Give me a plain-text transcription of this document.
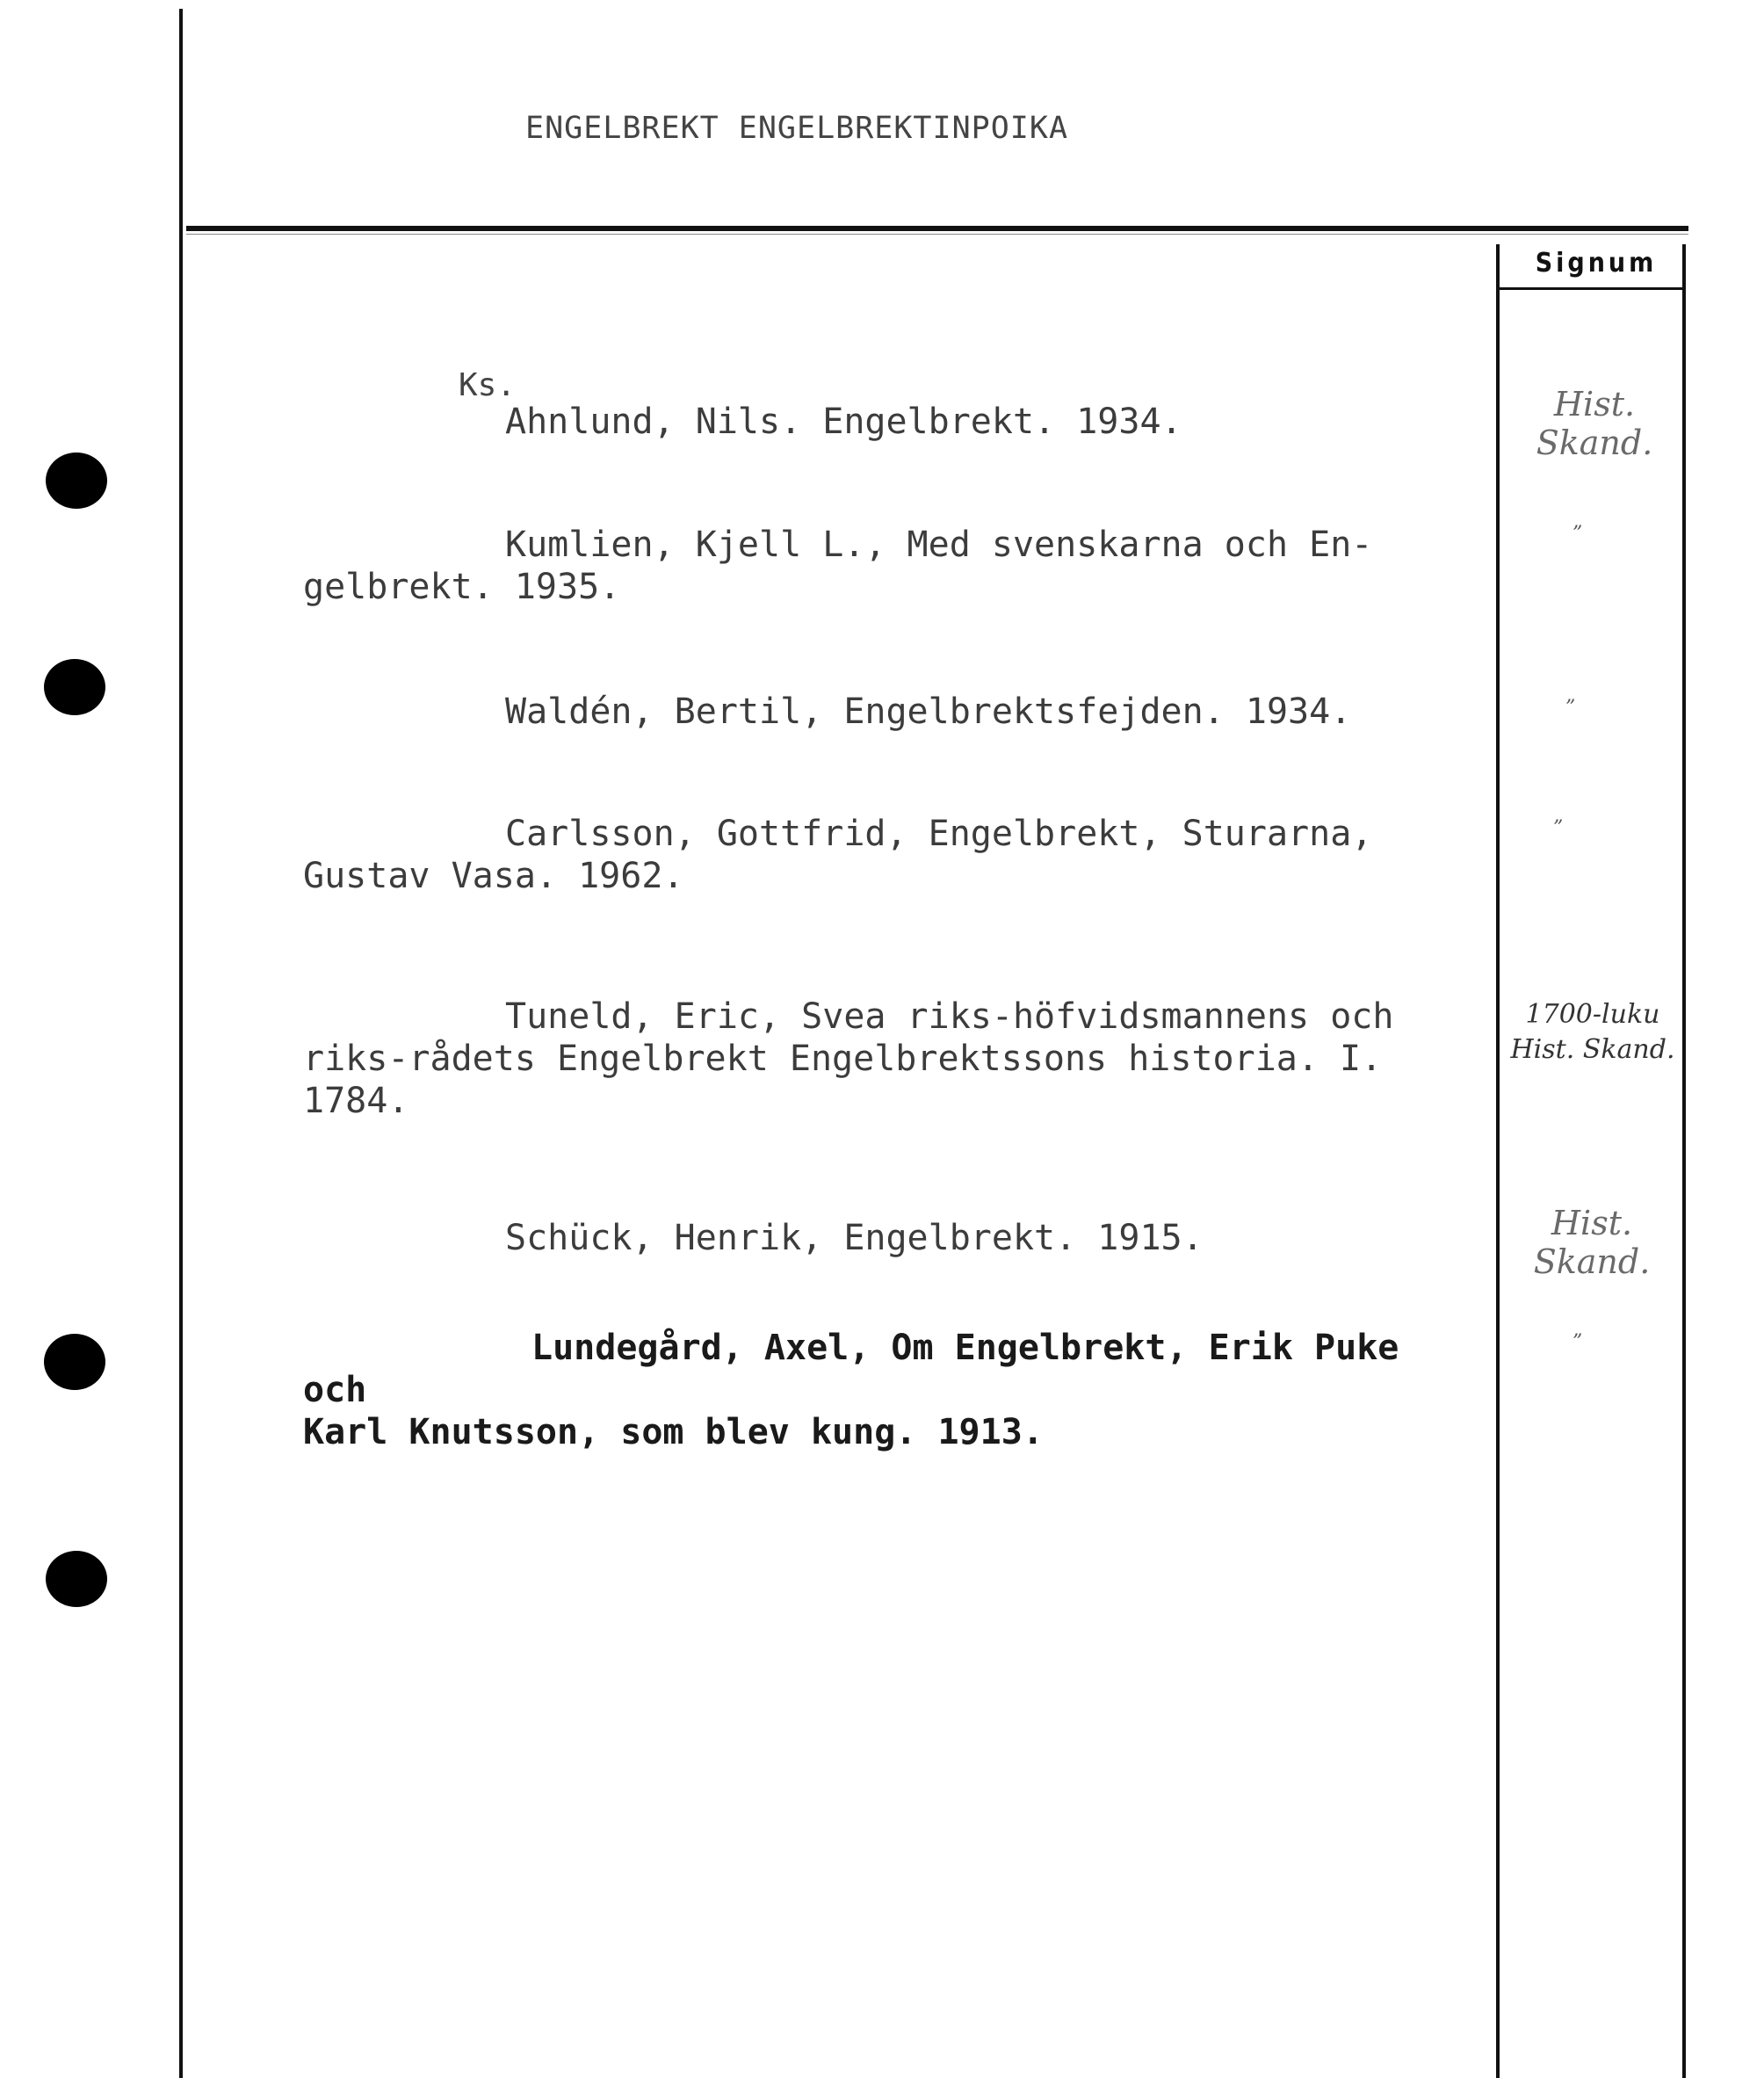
ENGELBREKT ENGELBREKTINPOIKA
Signum
Ks.
Ahnlund, Nils. Engelbrekt. 1934.
Kumlien, Kjell L., Med svenskarna och En-
gelbrekt. 1935.
Waldén, Bertil, Engelbrektsfejden. 1934.
Carlsson, Gottfrid, Engelbrekt, Sturarna,
Gustav Vasa. 1962.
Tuneld, Eric, Svea riks-höfvidsmannens och
riks-rådets Engelbrekt Engelbrektssons historia. I.
1784.
Schück, Henrik, Engelbrekt. 1915.
Lundegård, Axel, Om Engelbrekt, Erik Puke och
Karl Knutsson, som blev kung. 1913.
Hist.
Skand.
”
”
”
1700-luku
Hist. Skand.
Hist.
Skand.
”
